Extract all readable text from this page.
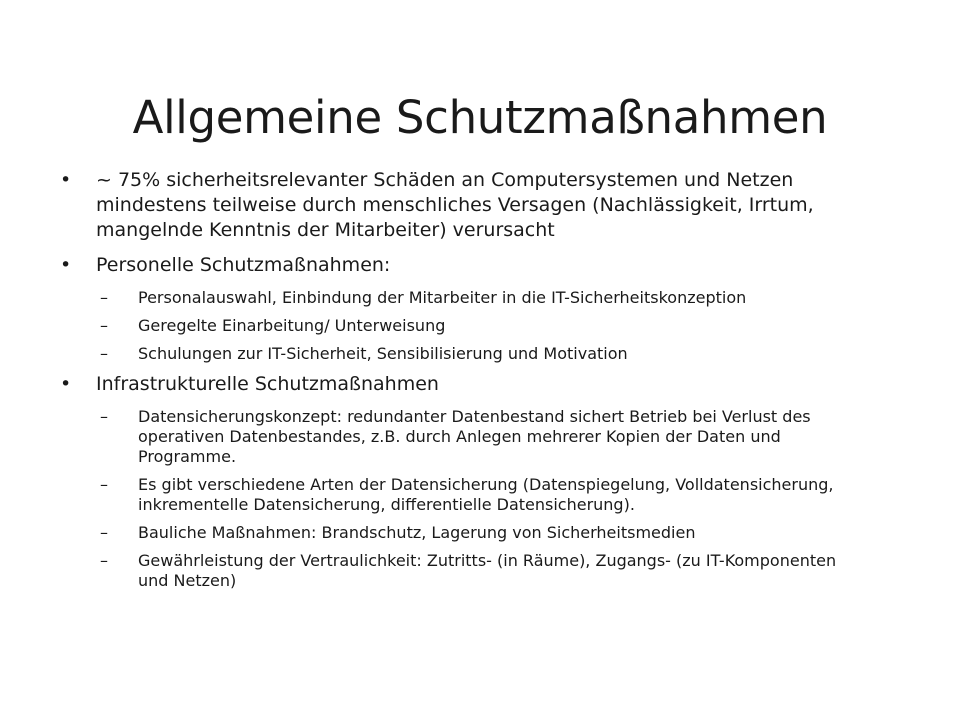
Allgemeine Schutzmaßnahmen
•	~ 75% sicherheitsrelevanter Schäden an Computersystemen und Netzen mindestens teilweise durch menschliches Versagen (Nachlässigkeit, Irrtum, mangelnde Kenntnis der Mitarbeiter) verursacht
•	Personelle Schutzmaßnahmen:
–	Personalauswahl, Einbindung der Mitarbeiter in die IT-Sicherheitskonzeption
–	Geregelte Einarbeitung/ Unterweisung
–	Schulungen zur IT-Sicherheit, Sensibilisierung und Motivation
•	Infrastrukturelle Schutzmaßnahmen
–	Datensicherungskonzept: redundanter Datenbestand sichert Betrieb bei Verlust des operativen Datenbestandes, z.B. durch Anlegen mehrerer Kopien der Daten und Programme.
–	Es gibt verschiedene Arten der Datensicherung (Datenspiegelung, Volldatensicherung, inkrementelle Datensicherung, differentielle Datensicherung).
–	Bauliche Maßnahmen: Brandschutz, Lagerung von Sicherheitsmedien
–	Gewährleistung der Vertraulichkeit: Zutritts- (in Räume), Zugangs- (zu IT-Komponenten und Netzen)
